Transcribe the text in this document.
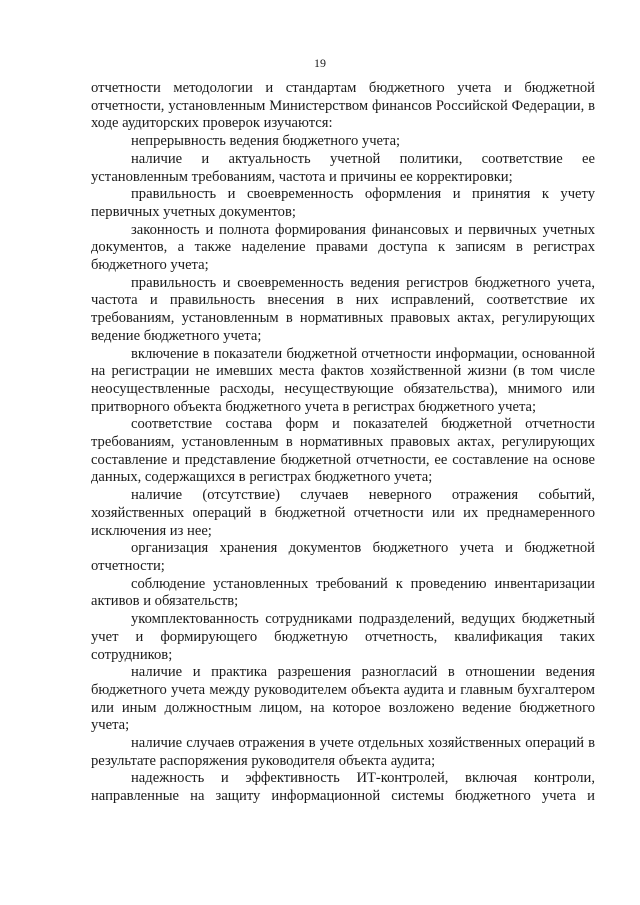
19

отчетности методологии и стандартам бюджетного учета и бюджетной отчетности, установленным Министерством финансов Российской Федерации, в ходе аудиторских проверок изучаются:

непрерывность ведения бюджетного учета;

наличие и актуальность учетной политики, соответствие ее установленным требованиям, частота и причины ее корректировки;

правильность и своевременность оформления и принятия к учету первичных учетных документов;

законность и полнота формирования финансовых и первичных учетных документов, а также наделение правами доступа к записям в регистрах бюджетного учета;

правильность и своевременность ведения регистров бюджетного учета, частота и правильность внесения в них исправлений, соответствие их требованиям, установленным в нормативных правовых актах, регулирующих ведение бюджетного учета;

включение в показатели бюджетной отчетности информации, основанной на регистрации не имевших места фактов хозяйственной жизни (в том числе неосуществленные расходы, несуществующие обязательства), мнимого или притворного объекта бюджетного учета в регистрах бюджетного учета;

соответствие состава форм и показателей бюджетной отчетности требованиям, установленным в нормативных правовых актах, регулирующих составление и представление бюджетной отчетности, ее составление на основе данных, содержащихся в регистрах бюджетного учета;

наличие (отсутствие) случаев неверного отражения событий, хозяйственных операций в бюджетной отчетности или их преднамеренного исключения из нее;

организация хранения документов бюджетного учета и бюджетной отчетности;

соблюдение установленных требований к проведению инвентаризации активов и обязательств;

укомплектованность сотрудниками подразделений, ведущих бюджетный учет и формирующего бюджетную отчетность, квалификация таких сотрудников;

наличие и практика разрешения разногласий в отношении ведения бюджетного учета между руководителем объекта аудита и главным бухгалтером или иным должностным лицом, на которое возложено ведение бюджетного учета;

наличие случаев отражения в учете отдельных хозяйственных операций в результате распоряжения руководителя объекта аудита;

надежность и эффективность ИТ-контролей, включая контроли, направленные на защиту информационной системы бюджетного учета и
